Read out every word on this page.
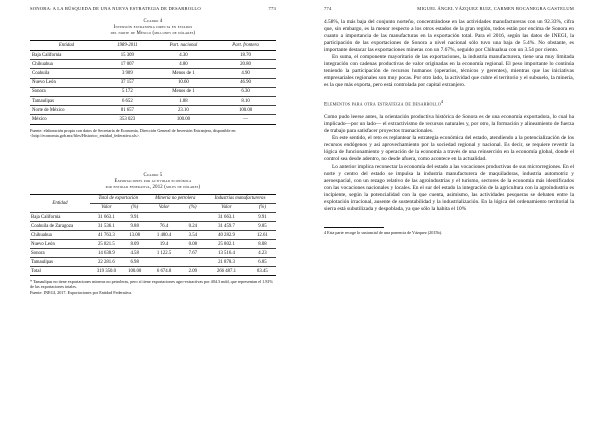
SONORA: A LA BÚSQUEDA DE UNA NUEVA ESTRATEGIA DE DESARROLLO	773
Cuadro 4
Inversión extranjera directa en estados
del norte de México (millones de dólares)
Entidad	1989-2011	Part. nacional	Part. frontera
Baja California	15 309	4.30	18.70
Chihuahua	17 007	4.80	20.80
Coahuila	3 909	Menos de 1	4.90
Nuevo León	37 157	10.60	46.90
Sonora	5 172	Menos de 1	6.30
Tamaulipas	6 652	1.88	8.10
Norte de México	81 657	23.10	100.00
México	353 023	100.00	—
Fuente: elaboración propia con datos de Secretaría de Economía, Dirección General de Inversión Extranjera, disponible en <http://economia.gob.mx/files/Historico_entidad_federativa.xls>.
Cuadro 5
Exportaciones por actividad económica
por entidad federativa, 2012 (miles de dólares)
Entidad	Total de exportación		Minería no petrolera		Industrias manufactureras	
	Valor	(%)	Valor	(%)	Valor	(%)
Baja California	31 663.1	9.91			31 663.1	9.91
Coahuila de Zaragoza	31 536.1	9.88	76.4	0.24	31 459.7	9.85
Chihuahua	41 763.3	13.08	1 480.4	3.54	40 282.9	12.61
Nuevo León	25 821.5	8.09	19.4	0.08	25 802.1	8.08
Sonora	14 638.9	4.58	1 122.5	7.67	13 516.4	4.23
Tamaulipas	22 281.6	6.98			21 878.3	6.85
Total	319 350.0	100.00	6 674.8	2.09	266 487.1	83.45
* Tamaulipas no tiene exportaciones mineras no petroleras, pero sí tiene exportaciones agro-extractivas por 404.3 mdd, que representan el 1.81% de las exportaciones totales.
Fuente: INEGI, 2017. Exportaciones por Entidad Federativa.
774	MIGUEL ÁNGEL VÁZQUEZ RUIZ, CARMEN BOCANEGRA GASTELUM

4.58%, la más baja del conjunto norteño, concentrándose en las actividades manufactureras con un 92.33%, cifra que, sin embargo, es la menor respecto a los otros estados de la gran región, todos están por encima de Sonora en cuanto a importancia de las manufacturas en la exportación total. Para el 2016, según las datos de INEGI, la participación de las exportaciones de Sonora a nivel nacional sólo tuvo una baja de 5.4%. No obstante, es importante destacar las exportaciones mineras con un 7.67%, seguido por Chihuahua con un 3.54 por ciento.

En suma, el componente mayoritario de las exportaciones, la industria manufacturera, tiene una muy limitada integración con cadenas productivas de valor originadas en la economía regional. El peso importante lo continúa teniendo la participación de recursos humanos (operarios, técnicos y gerentes), mientras que las iniciativas empresariales regionales son muy pocas. Por otro lado, la actividad que cubre el territorio y el subsuelo, la minería, es la que más exporta, pero está controlada por capital extranjero.

Elementos para otra estrategia de desarrollo$^4$

Como pudo leerse antes, la orientación productiva histórica de Sonora es de una economía exportadora, lo cual ha implicado—por un lado— el extractivismo de recursos naturales y, por otro, la formación y alineamiento de fuerza de trabajo para satisfacer proyectos trasnacionales.

En este sentido, el reto es replantear la estrategia económica del estado, atendiendo a la potencialización de los recursos endógenos y así aprovechamiento por la sociedad regional y nacional. Es decir, se requiere revertir la lógica de funcionamiento y operación de la economía a través de una reinserción en la economía global, donde el control sea desde adentro, no desde afuera, como acontece en la actualidad.

Lo anterior implica reconectar la economía del estado a las vocaciones productivas de sus microrregiones. En el norte y centro del estado se impulsa la industria manufacturera de maquiladoras, industria automotriz y aeroespacial, con un rezago relativo de las agroindustrias y el turismo, sectores de la economía más identificados con las vocaciones nacionales y locales. En el sur del estado la integración de la agricultura con la agroindustria es incipiente, según la potencialidad con la que cuenta, asimismo, las actividades pesqueras se debaten entre la explotación irracional, ausente de sustentabilidad y la industrialización. En la lógica del ordenamiento territorial la sierra está subutilizada y despoblada, ya que sólo la habita el 10%

4 Esta parte recoge lo sustancial de una ponencia de Vázquez (2015b).
